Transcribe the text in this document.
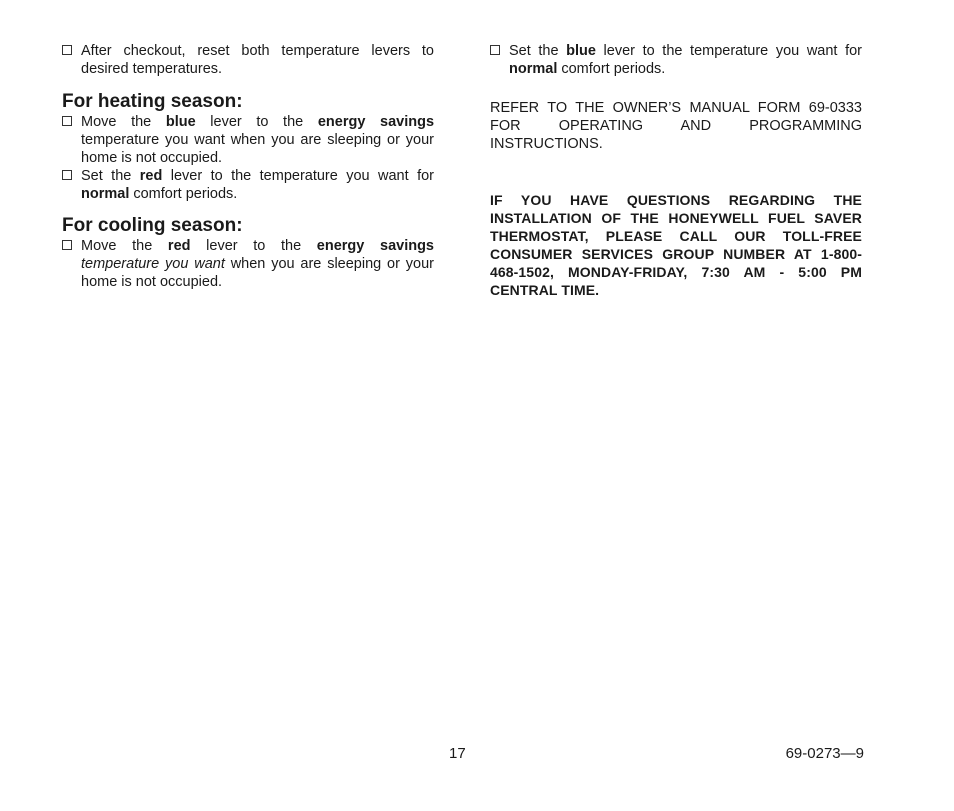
After checkout, reset both temperature levers to desired temperatures.
For heating season:
Move the blue lever to the energy savings temperature you want when you are sleeping or your home is not occupied.
Set the red lever to the temperature you want for normal comfort periods.
For cooling season:
Move the red lever to the energy savings temperature you want when you are sleeping or your home is not occupied.
Set the blue lever to the temperature you want for normal comfort periods.
REFER TO THE OWNER’S MANUAL FORM 69-0333 FOR OPERATING AND PROGRAMMING INSTRUCTIONS.
IF YOU HAVE QUESTIONS REGARDING THE INSTALLATION OF THE HONEYWELL FUEL SAVER THERMOSTAT, PLEASE CALL OUR TOLL-FREE CONSUMER SERVICES GROUP NUMBER AT 1-800-468-1502, MONDAY-FRIDAY, 7:30 AM - 5:00 PM CENTRAL TIME.
17	69-0273—9
